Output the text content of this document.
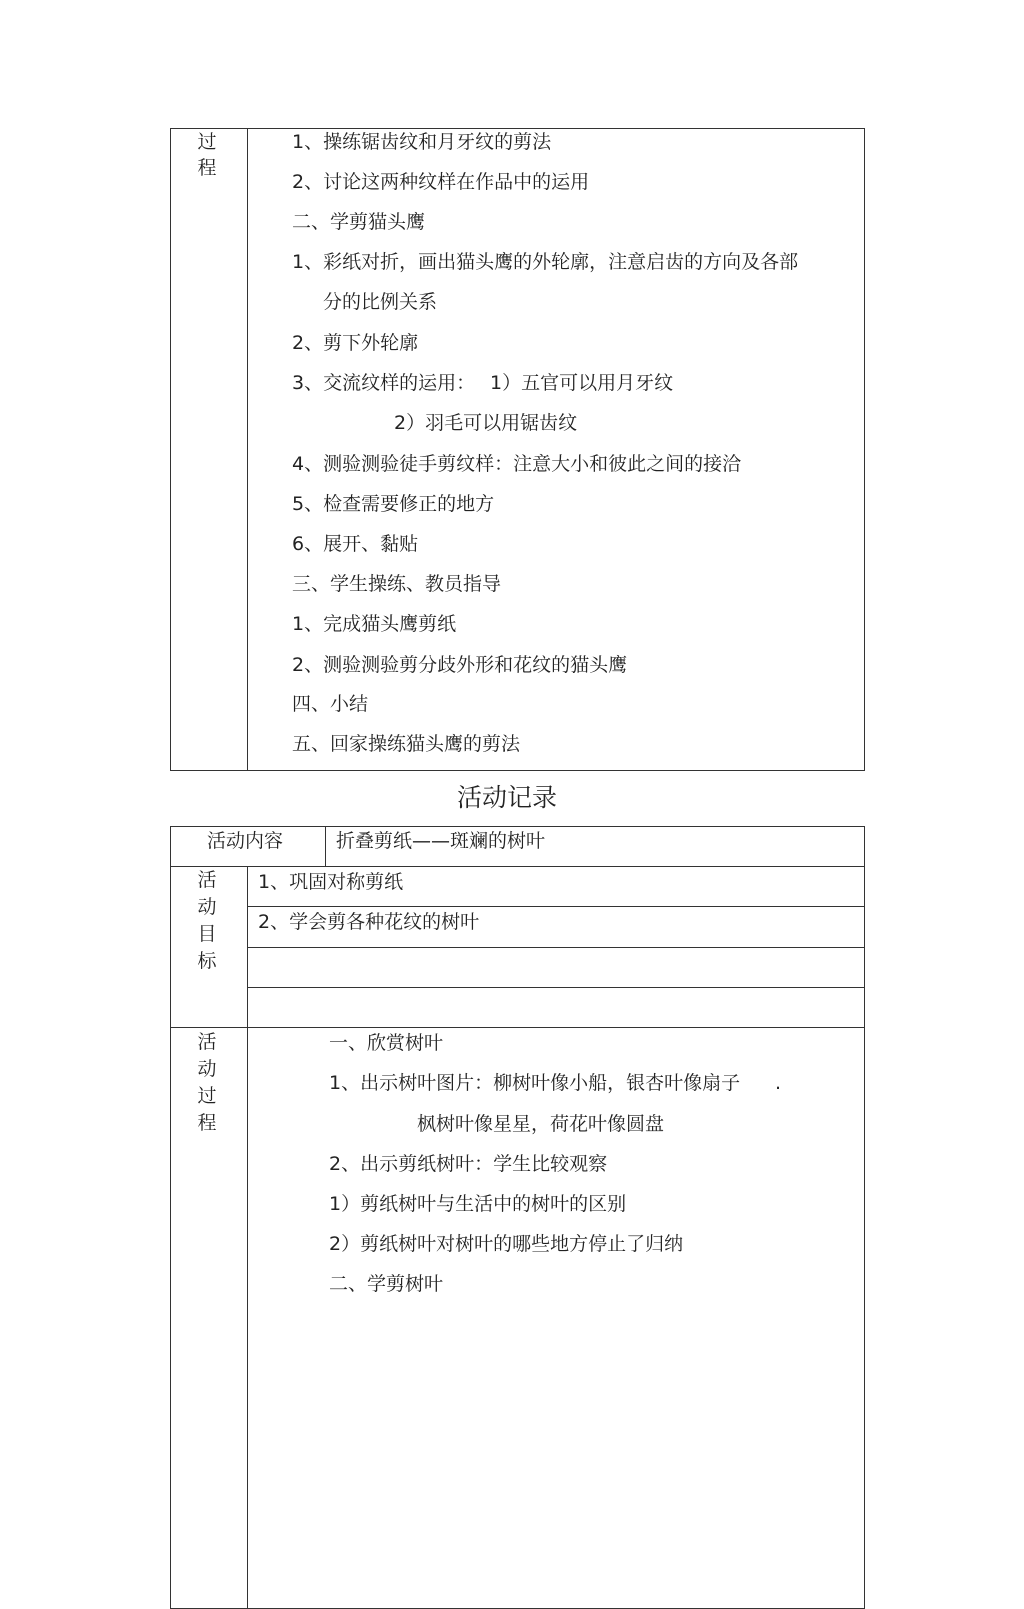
过
程
1、操练锯齿纹和月牙纹的剪法
2、讨论这两种纹样在作品中的运用
二、学剪猫头鹰
1、彩纸对折，画出猫头鹰的外轮廓，注意启齿的方向及各部
分的比例关系
2、剪下外轮廓
3、交流纹样的运用： 1）五官可以用月牙纹
2）羽毛可以用锯齿纹
4、测验测验徒手剪纹样：注意大小和彼此之间的接洽
5、检查需要修正的地方
6、展开、黏贴
三、学生操练、教员指导
1、完成猫头鹰剪纸
2、测验测验剪分歧外形和花纹的猫头鹰
四、小结
五、回家操练猫头鹰的剪法
活动记录
活动内容	折叠剪纸——斑斓的树叶
活
动
目
标
1、巩固对称剪纸
2、学会剪各种花纹的树叶
活
动
过
程
一、欣赏树叶
1、出示树叶图片：柳树叶像小船，银杏叶像扇子 .
枫树叶像星星，荷花叶像圆盘
2、出示剪纸树叶：学生比较观察
1）剪纸树叶与生活中的树叶的区别
2）剪纸树叶对树叶的哪些地方停止了归纳
二、学剪树叶
